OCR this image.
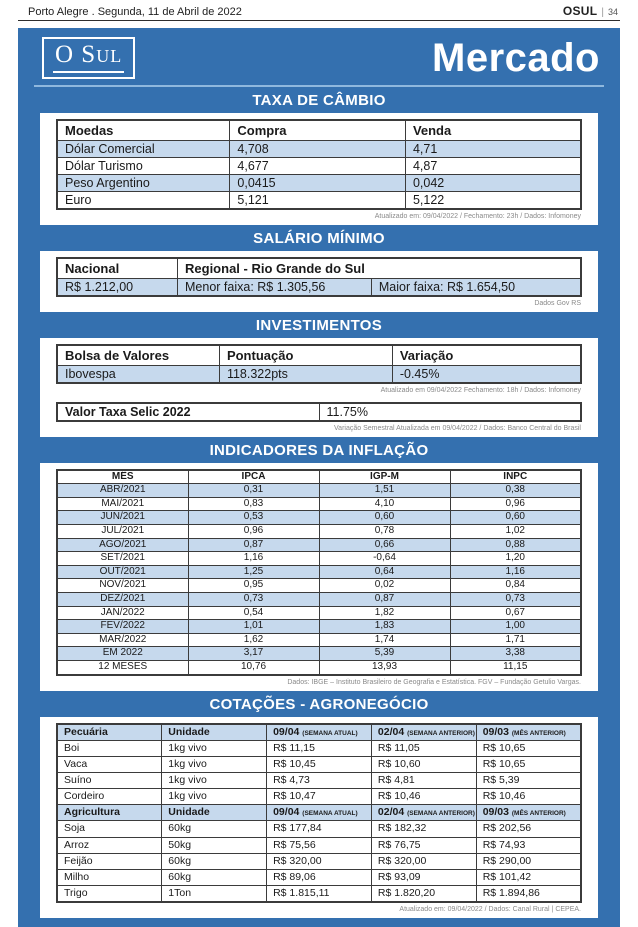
Porto Alegre . Segunda, 11 de Abril de 2022	OSUL | 34
O Sul	Mercado
TAXA DE CÂMBIO
Moedas	Compra	Venda
Dólar Comercial	4,708	4,71
Dólar Turismo	4,677	4,87
Peso Argentino	0,0415	0,042
Euro	5,121	5,122
Atualizado em: 09/04/2022 / Fechamento: 23h / Dados: Infomoney
SALÁRIO MÍNIMO
Nacional	Regional - Rio Grande do Sul	
R$ 1.212,00	Menor faixa: R$ 1.305,56	Maior faixa: R$ 1.654,50
Dados Gov RS
INVESTIMENTOS
Bolsa de Valores	Pontuação	Variação
Ibovespa	118.322pts	-0.45%
Atualizado em 09/04/2022 Fechamento: 18h / Dados: Infomoney
Valor Taxa Selic 2022	11.75%
Variação Semestral Atualizada em 09/04/2022 / Dados: Banco Central do Brasil
INDICADORES DA INFLAÇÃO
MÊS	IPCA	IGP-M	INPC
ABR/2021	0,31	1,51	0,38
MAI/2021	0,83	4,10	0,96
JUN/2021	0,53	0,60	0,60
JUL/2021	0,96	0,78	1,02
AGO/2021	0,87	0,66	0,88
SET/2021	1,16	-0,64	1,20
OUT/2021	1,25	0,64	1,16
NOV/2021	0,95	0,02	0,84
DEZ/2021	0,73	0,87	0,73
JAN/2022	0,54	1,82	0,67
FEV/2022	1,01	1,83	1,00
MAR/2022	1,62	1,74	1,71
EM 2022	3,17	5,39	3,38
12 MESES	10,76	13,93	11,15
Dados: IBGE – Instituto Brasileiro de Geografia e Estatística. FGV – Fundação Getulio Vargas.
COTAÇÕES - AGRONEGÓCIO
Pecuária	Unidade	09/04 (SEMANA ATUAL)	02/04 (SEMANA ANTERIOR)	09/03 (MÊS ANTERIOR)
Boi	1kg vivo	R$ 11,15	R$ 11,05	R$ 10,65
Vaca	1kg vivo	R$ 10,45	R$ 10,60	R$ 10,65
Suíno	1kg vivo	R$ 4,73	R$ 4,81	R$ 5,39
Cordeiro	1kg vivo	R$ 10,47	R$ 10,46	R$ 10,46
Agricultura	Unidade	09/04 (SEMANA ATUAL)	02/04 (SEMANA ANTERIOR)	09/03 (MÊS ANTERIOR)
Soja	60kg	R$ 177,84	R$ 182,32	R$ 202,56
Arroz	50kg	R$ 75,56	R$ 76,75	R$ 74,93
Feijão	60kg	R$ 320,00	R$ 320,00	R$ 290,00
Milho	60kg	R$ 89,06	R$ 93,09	R$ 101,42
Trigo	1Ton	R$ 1.815,11	R$ 1.820,20	R$ 1.894,86
Atualizado em: 09/04/2022 / Dados: Canal Rural | CEPEA.
